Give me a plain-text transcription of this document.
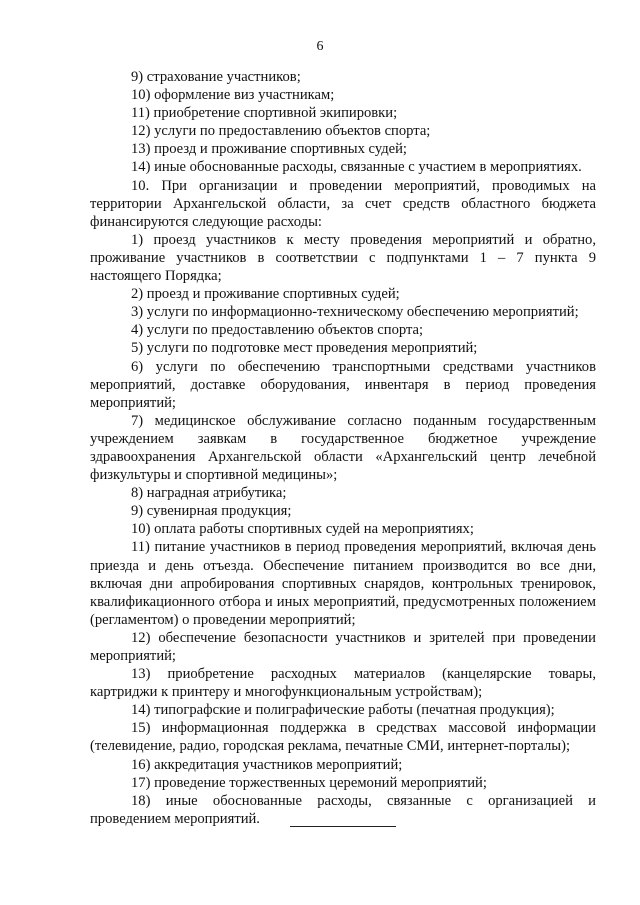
6

9) страхование участников;

10) оформление виз участникам;

11) приобретение спортивной экипировки;

12) услуги по предоставлению объектов спорта;

13) проезд и проживание спортивных судей;

14) иные обоснованные расходы, связанные с участием в мероприятиях.

10. При организации и проведении мероприятий, проводимых на территории Архангельской области, за счет средств областного бюджета финансируются следующие расходы:

1) проезд участников к месту проведения мероприятий и обратно, проживание участников в соответствии с подпунктами 1 – 7 пункта 9 настоящего Порядка;

2) проезд и проживание спортивных судей;

3) услуги по информационно-техническому обеспечению мероприятий;

4) услуги по предоставлению объектов спорта;

5) услуги по подготовке мест проведения мероприятий;

6) услуги по обеспечению транспортными средствами участников мероприятий, доставке оборудования, инвентаря в период проведения мероприятий;

7) медицинское обслуживание согласно поданным государственным учреждением заявкам в государственное бюджетное учреждение здравоохранения Архангельской области «Архангельский центр лечебной физкультуры и спортивной медицины»;

8) наградная атрибутика;

9) сувенирная продукция;

10) оплата работы спортивных судей на мероприятиях;

11) питание участников в период проведения мероприятий, включая день приезда и день отъезда. Обеспечение питанием производится во все дни, включая дни апробирования спортивных снарядов, контрольных тренировок, квалификационного отбора и иных мероприятий, предусмотренных положением (регламентом) о проведении мероприятий;

12) обеспечение безопасности участников и зрителей при проведении мероприятий;

13) приобретение расходных материалов (канцелярские товары, картриджи к принтеру и многофункциональным устройствам);

14) типографские и полиграфические работы (печатная продукция);

15) информационная поддержка в средствах массовой информации (телевидение, радио, городская реклама, печатные СМИ, интернет-порталы);

16) аккредитация участников мероприятий;

17) проведение торжественных церемоний мероприятий;

18) иные обоснованные расходы, связанные с организацией и проведением мероприятий.
